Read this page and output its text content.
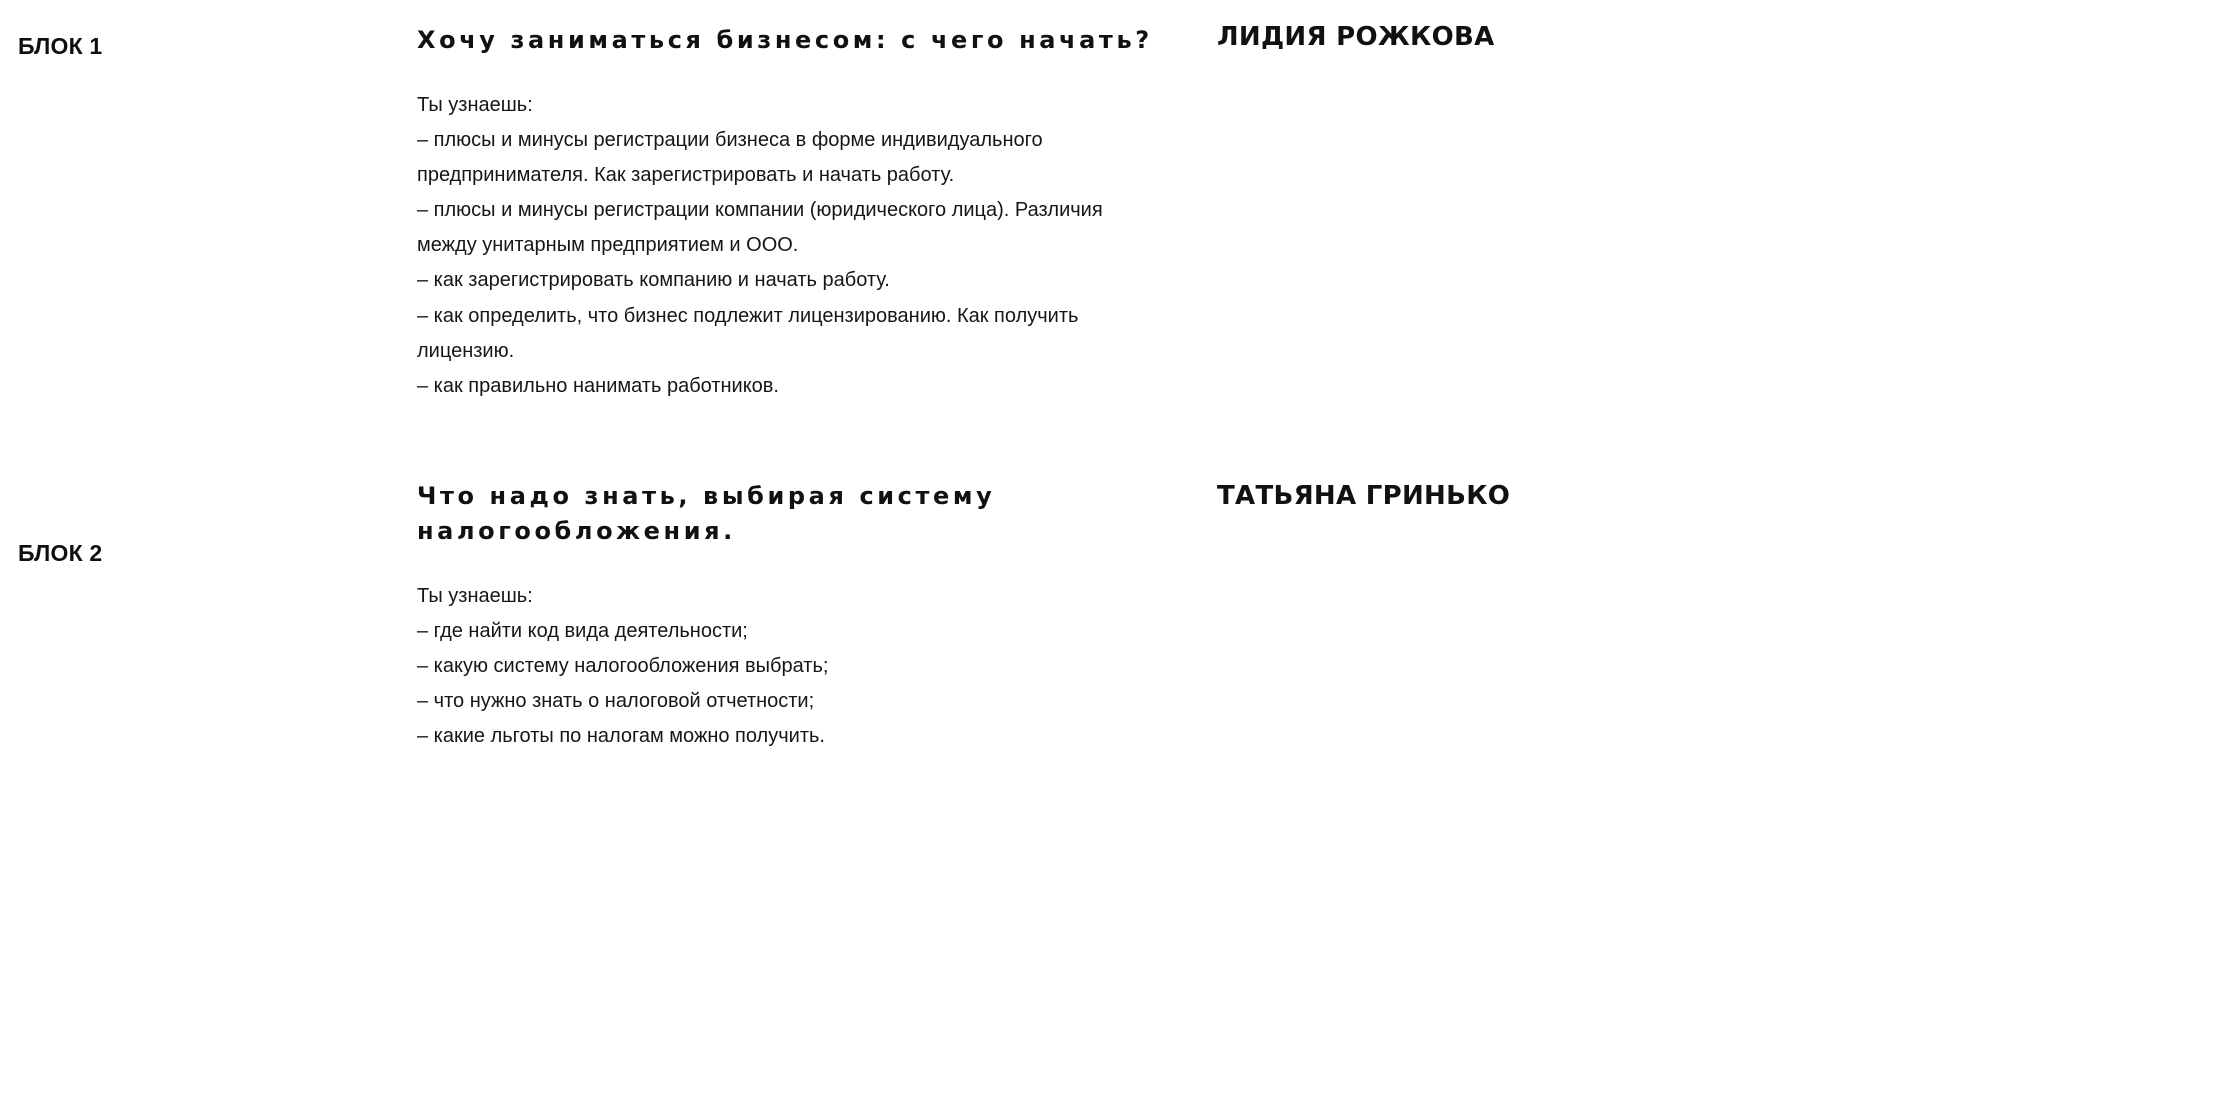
БЛОК 1	Хочу заниматься бизнесом: с чего начать?	ЛИДИЯ РОЖКОВА
Ты узнаешь:
– плюсы и минусы регистрации бизнеса в форме индивидуального
предпринимателя. Как зарегистрировать и начать работу.
– плюсы и минусы регистрации компании (юридического лица). Различия
между унитарным предприятием и ООО.
– как зарегистрировать компанию и начать работу.
– как определить, что бизнес подлежит лицензированию. Как получить
лицензию.
– как правильно нанимать работников.
БЛОК 2
Что надо знать, выбирая систему налогообложения.
ТАТЬЯНА ГРИНЬКО
Ты узнаешь:
– где найти код вида деятельности;
– какую систему налогообложения выбрать;
– что нужно знать о налоговой отчетности;
– какие льготы по налогам можно получить.
